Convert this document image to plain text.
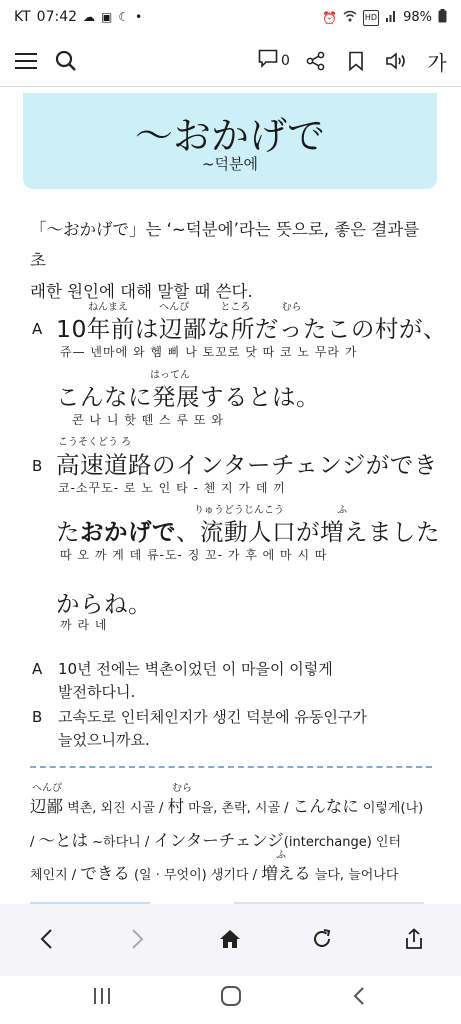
KT 07:42 ☁ ▣ ☾ •	⏰	HD 98%
0	가
～おかげで
~덕분에
「～おかげで」는 ‘~덕분에’라는 뜻으로, 좋은 결과를 초
래한 원인에 대해 말할 때 쓴다.
A
ねんまえ へんぴ ところ むら
10年前は辺鄙な所だったこの村が、
쥬— 넨마에 와 헴 삐 나 토꼬로 닷 따 코 노 무라 가
はってん
こんなに発展するとは。
콘 나 니 핫 뗀 스 루 또 와
B
こうそくどう ろ
高速道路のインターチェンジができ
코-소꾸도- 로 노 인 타 - 첸 지 가 데 끼
りゅうどうじんこう ふ
たおかげで、流動人口が増えました
따 오 까 게 데 류-도- 징 꼬- 가 후 에 마 시 따
からね。
까 라 네
A 10년 전에는 벽촌이었던 이 마을이 이렇게
발전하다니.
B 고속도로 인터체인지가 생긴 덕분에 유동인구가
늘었으니까요.
へんぴ	むら
辺鄙 벽촌, 외진 시골 / 村 마을, 촌락, 시골 / こんなに 이렇게(나)
/ ～とは ~하다니 / インターチェンジ(interchange) 인터
ふ
체인지 / できる (일 · 무엇이) 생기다 / 増える 늘다, 늘어나다
